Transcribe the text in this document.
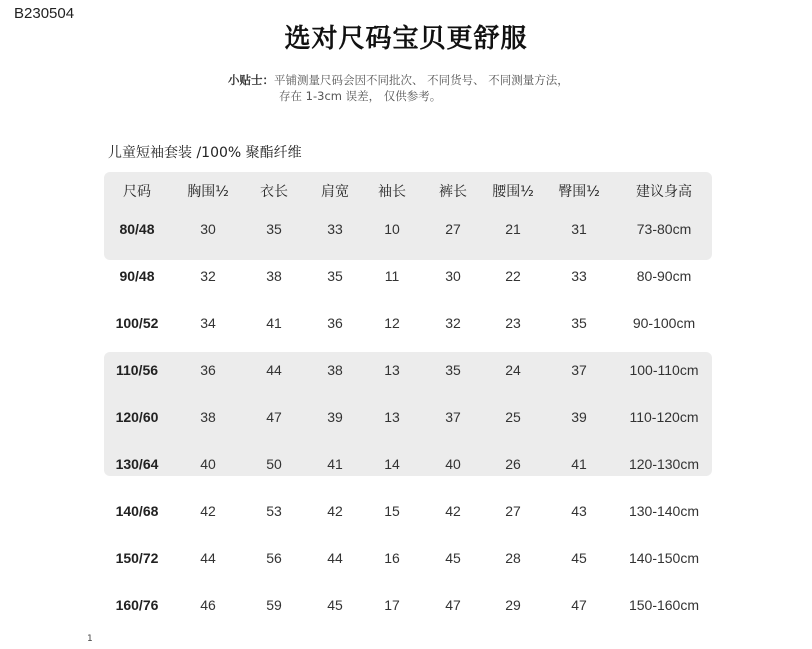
B230504
选对尺码宝贝更舒服
小贴士：平铺测量尺码会因不同批次、 不同货号、 不同测量方法，
存在 1-3cm 误差， 仅供参考。
儿童短袖套装 /100% 聚酯纤维
尺码	胸围½	衣长	肩宽	袖长	裤长	腰围½	臀围½	建议身高
80/48	30	35	33	10	27	21	31	73-80cm
90/48	32	38	35	11	30	22	33	80-90cm
100/52	34	41	36	12	32	23	35	90-100cm
110/56	36	44	38	13	35	24	37	100-110cm
120/60	38	47	39	13	37	25	39	110-120cm
130/64	40	50	41	14	40	26	41	120-130cm
140/68	42	53	42	15	42	27	43	130-140cm
150/72	44	56	44	16	45	28	45	140-150cm
160/76	46	59	45	17	47	29	47	150-160cm
1
